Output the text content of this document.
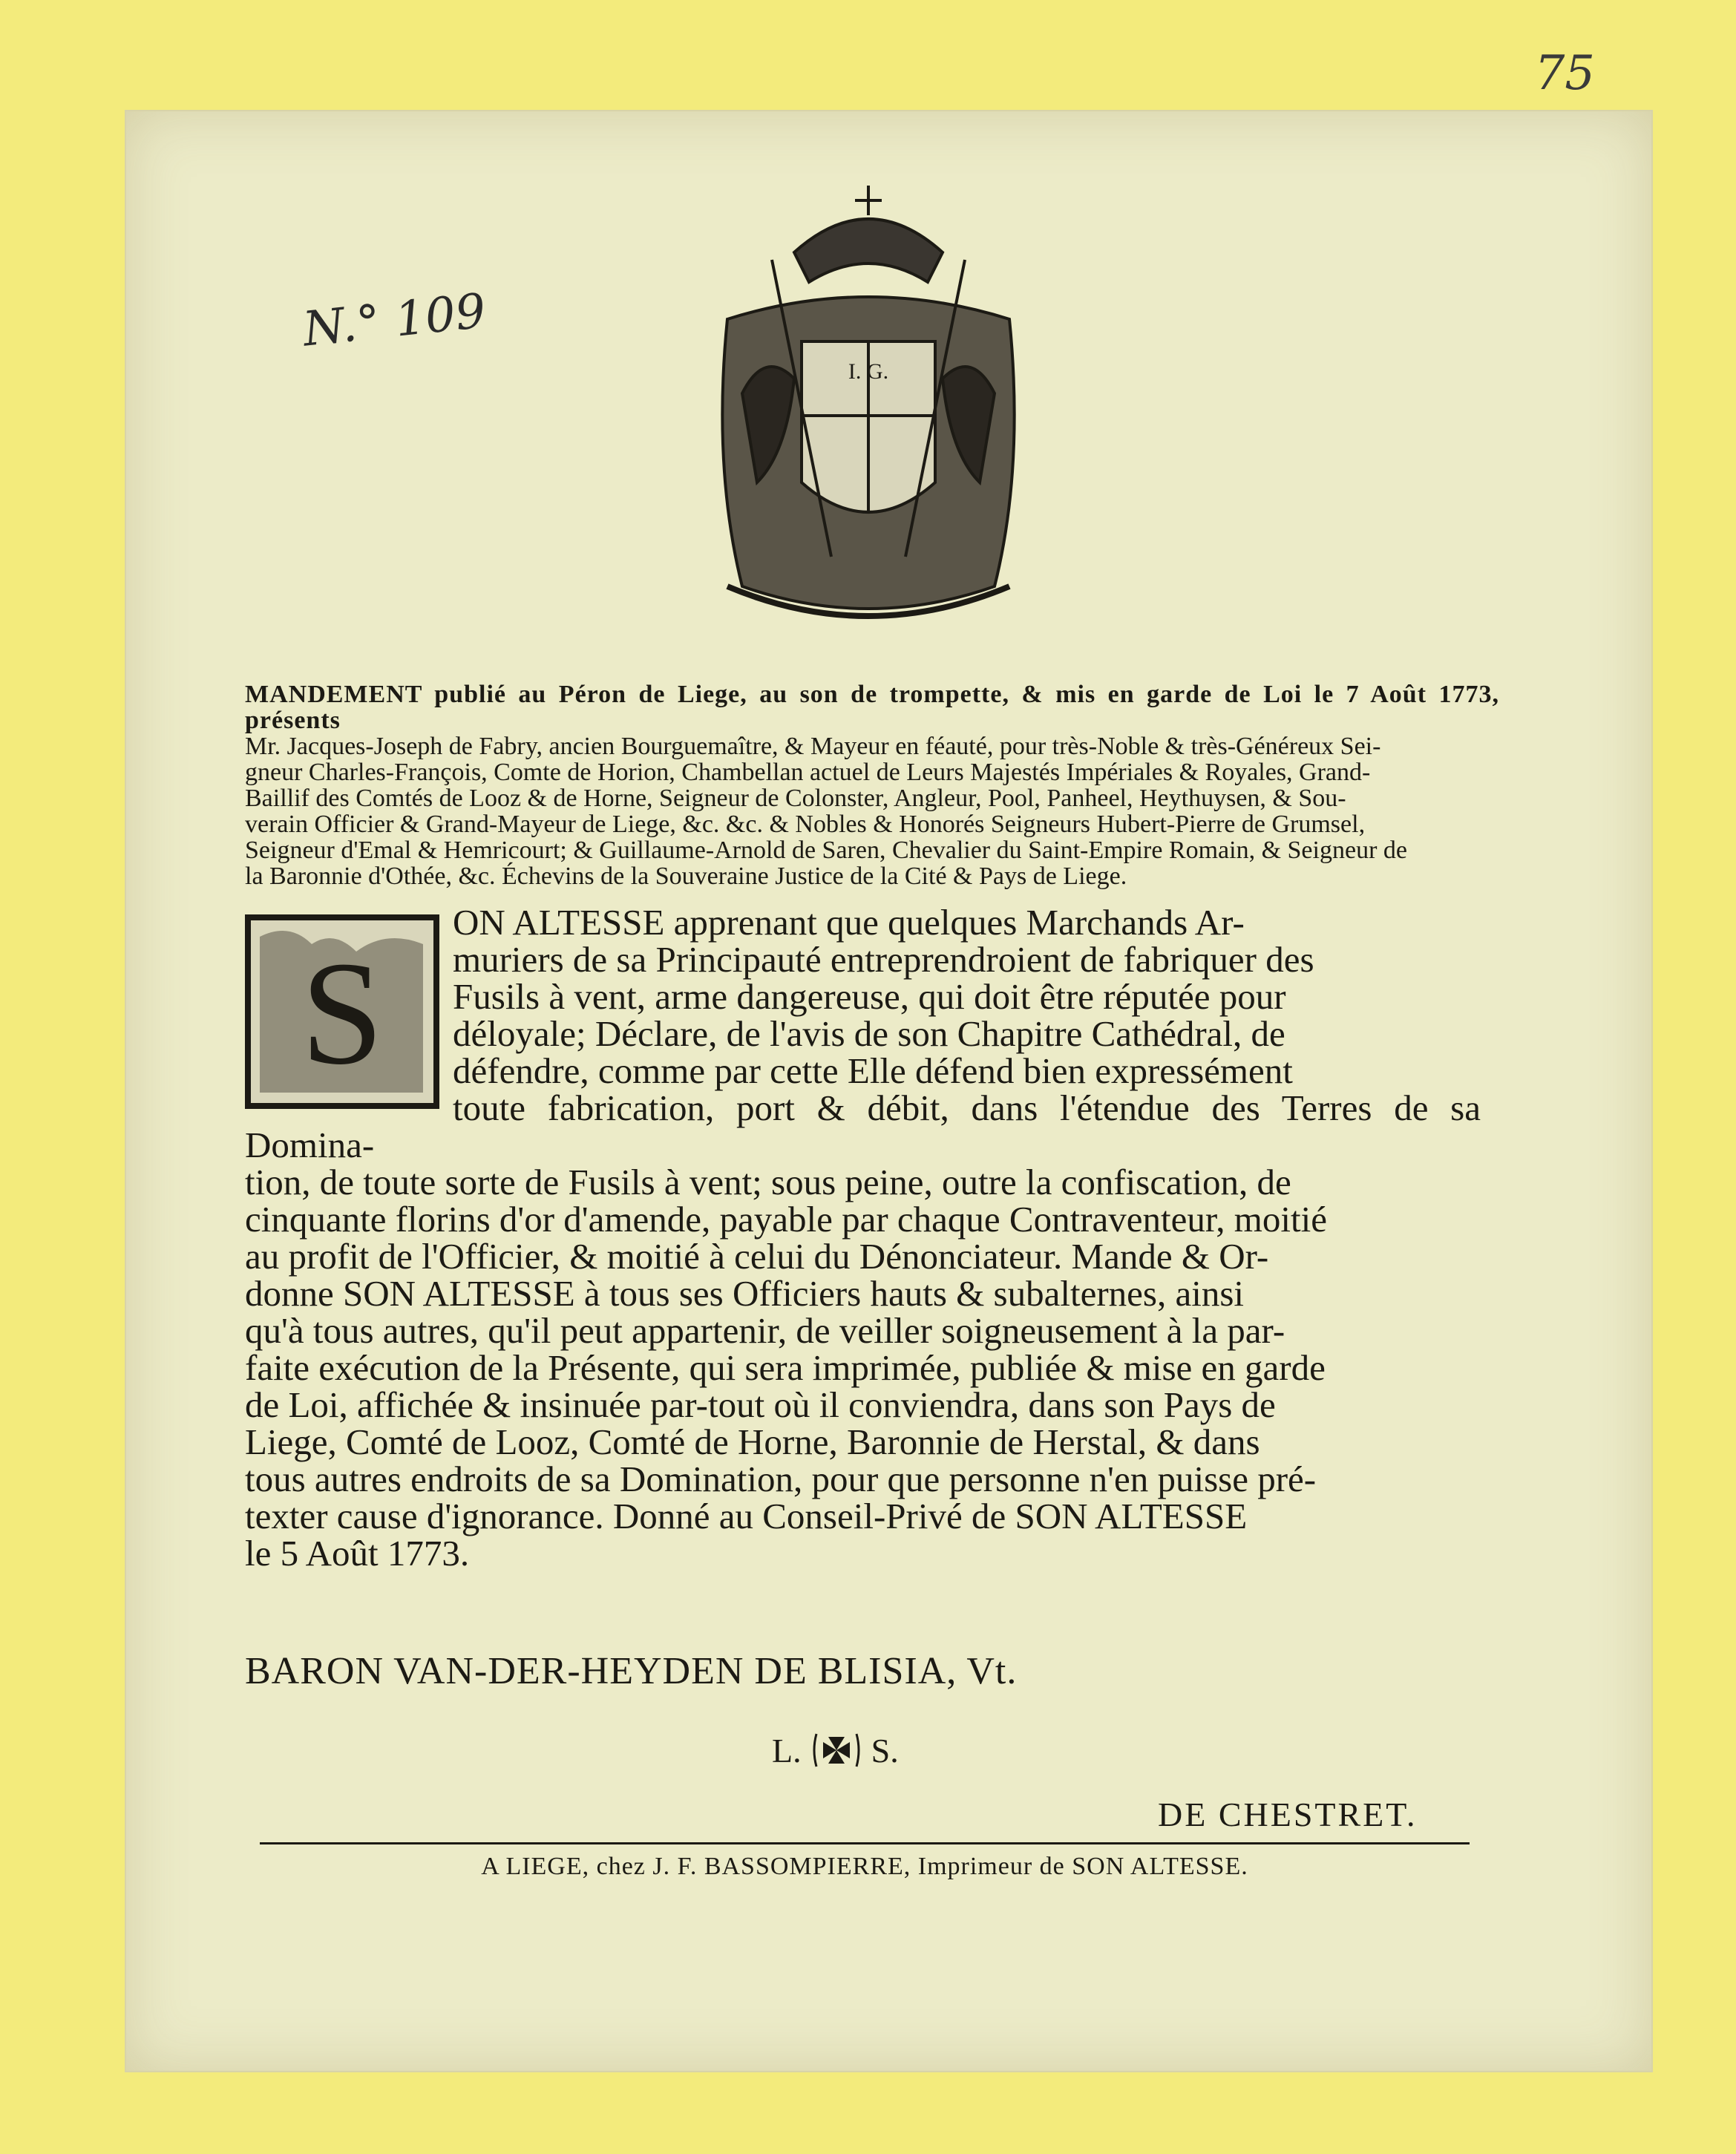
75
N.° 109
I. G.

MANDEMENT publié au Péron de Liege, au son de trompette, & mis en garde de Loi le 7 Août 1773, présents

Mr. Jacques-Joseph de Fabry, ancien Bourguemaître, & Mayeur en féauté, pour très-Noble & très-Généreux Sei-

gneur Charles-François, Comte de Horion, Chambellan actuel de Leurs Majestés Impériales & Royales, Grand-

Baillif des Comtés de Looz & de Horne, Seigneur de Colonster, Angleur, Pool, Panheel, Heythuysen, & Sou-

verain Officier & Grand-Mayeur de Liege, &c. &c. & Nobles & Honorés Seigneurs Hubert-Pierre de Grumsel,

Seigneur d'Emal & Hemricourt; & Guillaume-Arnold de Saren, Chevalier du Saint-Empire Romain, & Seigneur de

la Baronnie d'Othée, &c. Échevins de la Souveraine Justice de la Cité & Pays de Liege.

S
ON ALTESSE apprenant que quelques Marchands Ar-
muriers de sa Principauté entreprendroient de fabriquer des
Fusils à vent, arme dangereuse, qui doit être réputée pour
déloyale; Déclare, de l'avis de son Chapitre Cathédral, de
défendre, comme par cette Elle défend bien expressément
toute fabrication, port & débit, dans l'étendue des Terres de sa Domina-
tion, de toute sorte de Fusils à vent; sous peine, outre la confiscation, de
cinquante florins d'or d'amende, payable par chaque Contraventeur, moitié
au profit de l'Officier, & moitié à celui du Dénonciateur. Mande & Or-
donne SON ALTESSE à tous ses Officiers hauts & subalternes, ainsi
qu'à tous autres, qu'il peut appartenir, de veiller soigneusement à la par-
faite exécution de la Présente, qui sera imprimée, publiée & mise en garde
de Loi, affichée & insinuée par-tout où il conviendra, dans son Pays de
Liege, Comté de Looz, Comté de Horne, Baronnie de Herstal, & dans
tous autres endroits de sa Domination, pour que personne n'en puisse pré-
texter cause d'ignorance. Donné au Conseil-Privé de SON ALTESSE
le 5 Août 1773.
BARON VAN-DER-HEYDEN DE BLISIA, Vt.
L. S.
DE CHESTRET.
A LIEGE, chez J. F. BASSOMPIERRE, Imprimeur de SON ALTESSE.
